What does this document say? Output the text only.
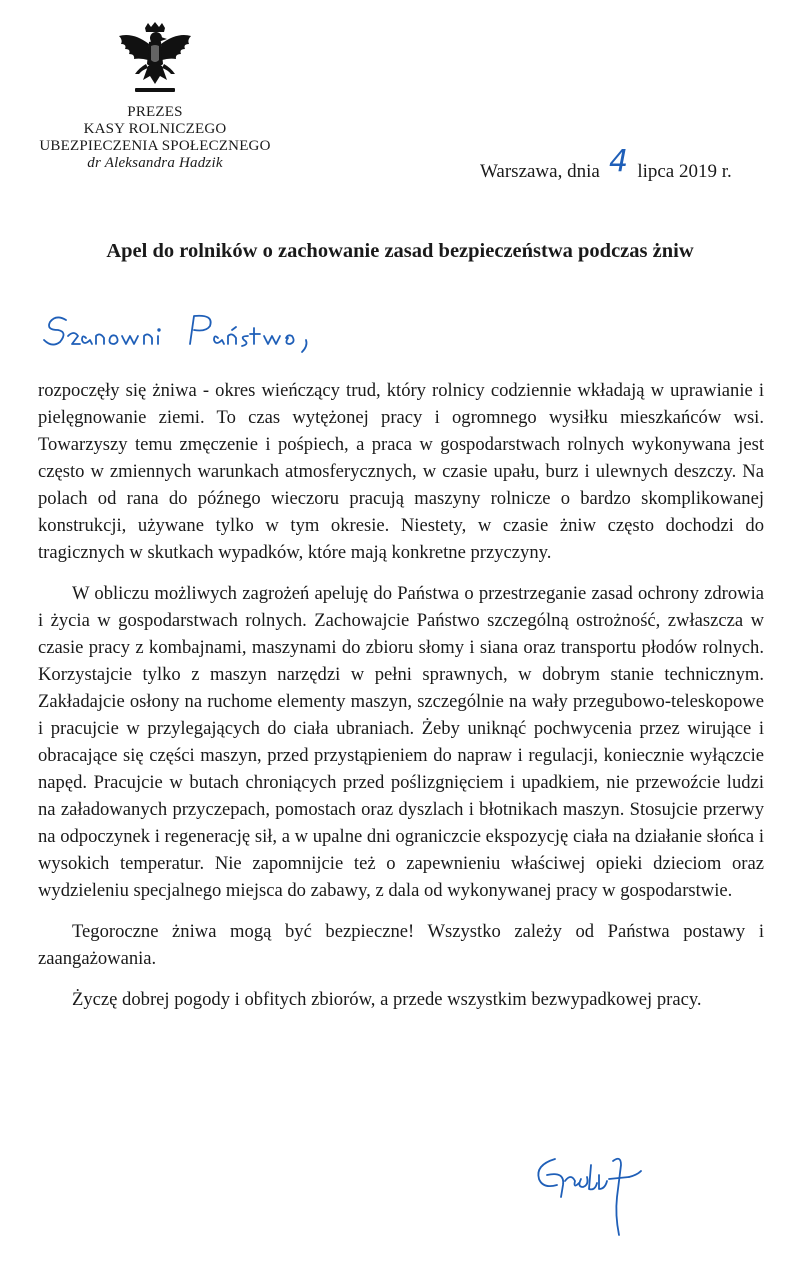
PREZES
KASY ROLNICZEGO
UBEZPIECZENIA SPOŁECZNEGO
dr Aleksandra Hadzik	Warszawa, dnia 4 lipca 2019 r.
Apel do rolników o zachowanie zasad bezpieczeństwa podczas żniw

rozpoczęły się żniwa - okres wieńczący trud, który rolnicy codziennie wkładają w uprawianie i pielęgnowanie ziemi. To czas wytężonej pracy i ogromnego wysiłku mieszkańców wsi. Towarzyszy temu zmęczenie i pośpiech, a praca w gospodarstwach rolnych wykonywana jest często w zmiennych warunkach atmosferycznych, w czasie upału, burz i ulewnych deszczy. Na polach od rana do późnego wieczoru pracują maszyny rolnicze o bardzo skomplikowanej konstrukcji, używane tylko w tym okresie. Niestety, w czasie żniw często dochodzi do tragicznych w skutkach wypadków, które mają konkretne przyczyny.

W obliczu możliwych zagrożeń apeluję do Państwa o przestrzeganie zasad ochrony zdrowia i życia w gospodarstwach rolnych. Zachowajcie Państwo szczególną ostrożność, zwłaszcza w czasie pracy z kombajnami, maszynami do zbioru słomy i siana oraz transportu płodów rolnych. Korzystajcie tylko z maszyn narzędzi w pełni sprawnych, w dobrym stanie technicznym. Zakładajcie osłony na ruchome elementy maszyn, szczególnie na wały przegubowo-teleskopowe i pracujcie w przylegających do ciała ubraniach. Żeby uniknąć pochwycenia przez wirujące i obracające się części maszyn, przed przystąpieniem do napraw i regulacji, koniecznie wyłączcie napęd. Pracujcie w butach chroniących przed poślizgnięciem i upadkiem, nie przewoźcie ludzi na załadowanych przyczepach, pomostach oraz dyszlach i błotnikach maszyn. Stosujcie przerwy na odpoczynek i regenerację sił, a w upalne dni ograniczcie ekspozycję ciała na działanie słońca i wysokich temperatur. Nie zapomnijcie też o zapewnieniu właściwej opieki dzieciom oraz wydzieleniu specjalnego miejsca do zabawy, z dala od wykonywanej pracy w gospodarstwie.

Tegoroczne żniwa mogą być bezpieczne! Wszystko zależy od Państwa postawy i zaangażowania.

Życzę dobrej pogody i obfitych zbiorów, a przede wszystkim bezwypadkowej pracy.
